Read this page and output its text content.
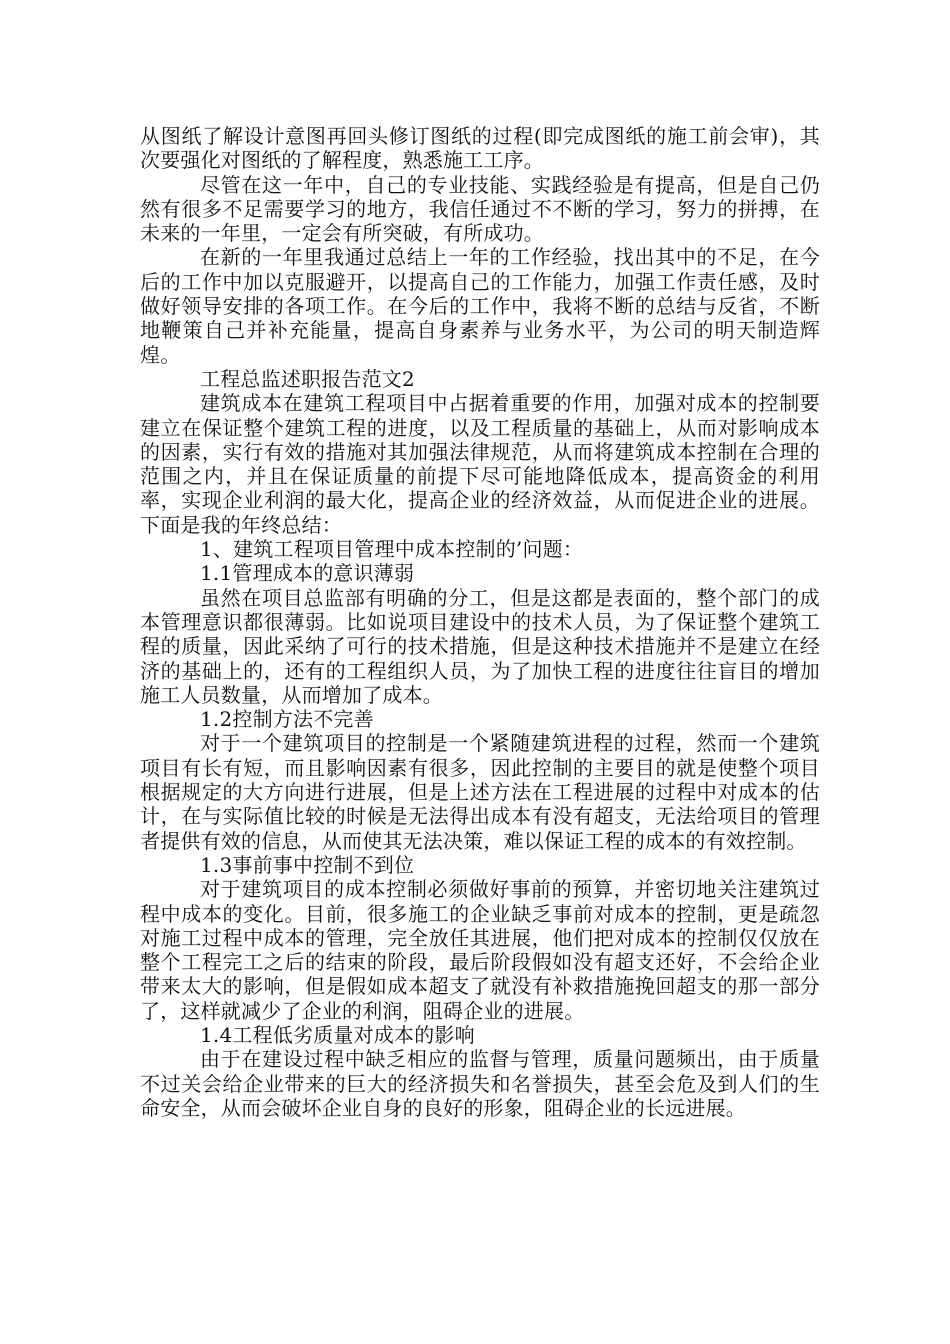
从图纸了解设计意图再回头修订图纸的过程(即完成图纸的施工前会审)，其次要强化对图纸的了解程度，熟悉施工工序。

尽管在这一年中，自己的专业技能、实践经验是有提高，但是自己仍然有很多不足需要学习的地方，我信任通过不不断的学习，努力的拼搏，在未来的一年里，一定会有所突破，有所成功。

在新的一年里我通过总结上一年的工作经验，找出其中的不足，在今后的工作中加以克服避开，以提高自己的工作能力，加强工作责任感，及时做好领导安排的各项工作。在今后的工作中，我将不断的总结与反省，不断地鞭策自己并补充能量，提高自身素养与业务水平，为公司的明天制造辉煌。

工程总监述职报告范文2

建筑成本在建筑工程项目中占据着重要的作用，加强对成本的控制要建立在保证整个建筑工程的进度，以及工程质量的基础上，从而对影响成本的因素，实行有效的措施对其加强法律规范，从而将建筑成本控制在合理的范围之内，并且在保证质量的前提下尽可能地降低成本，提高资金的利用率，实现企业利润的最大化，提高企业的经济效益，从而促进企业的进展。下面是我的年终总结：

1、建筑工程项目管理中成本控制的’问题：

1.1管理成本的意识薄弱

虽然在项目总监部有明确的分工，但是这都是表面的，整个部门的成本管理意识都很薄弱。比如说项目建设中的技术人员，为了保证整个建筑工程的质量，因此采纳了可行的技术措施，但是这种技术措施并不是建立在经济的基础上的，还有的工程组织人员，为了加快工程的进度往往盲目的增加施工人员数量，从而增加了成本。

1.2控制方法不完善

对于一个建筑项目的控制是一个紧随建筑进程的过程，然而一个建筑项目有长有短，而且影响因素有很多，因此控制的主要目的就是使整个项目根据规定的大方向进行进展，但是上述方法在工程进展的过程中对成本的估计，在与实际值比较的时候是无法得出成本有没有超支，无法给项目的管理者提供有效的信息，从而使其无法决策，难以保证工程的成本的有效控制。

1.3事前事中控制不到位

对于建筑项目的成本控制必须做好事前的预算，并密切地关注建筑过程中成本的变化。目前，很多施工的企业缺乏事前对成本的控制，更是疏忽对施工过程中成本的管理，完全放任其进展，他们把对成本的控制仅仅放在整个工程完工之后的结束的阶段，最后阶段假如没有超支还好，不会给企业带来太大的影响，但是假如成本超支了就没有补救措施挽回超支的那一部分了，这样就减少了企业的利润，阻碍企业的进展。

1.4工程低劣质量对成本的影响

由于在建设过程中缺乏相应的监督与管理，质量问题频出，由于质量不过关会给企业带来的巨大的经济损失和名誉损失，甚至会危及到人们的生命安全，从而会破坏企业自身的良好的形象，阻碍企业的长远进展。
